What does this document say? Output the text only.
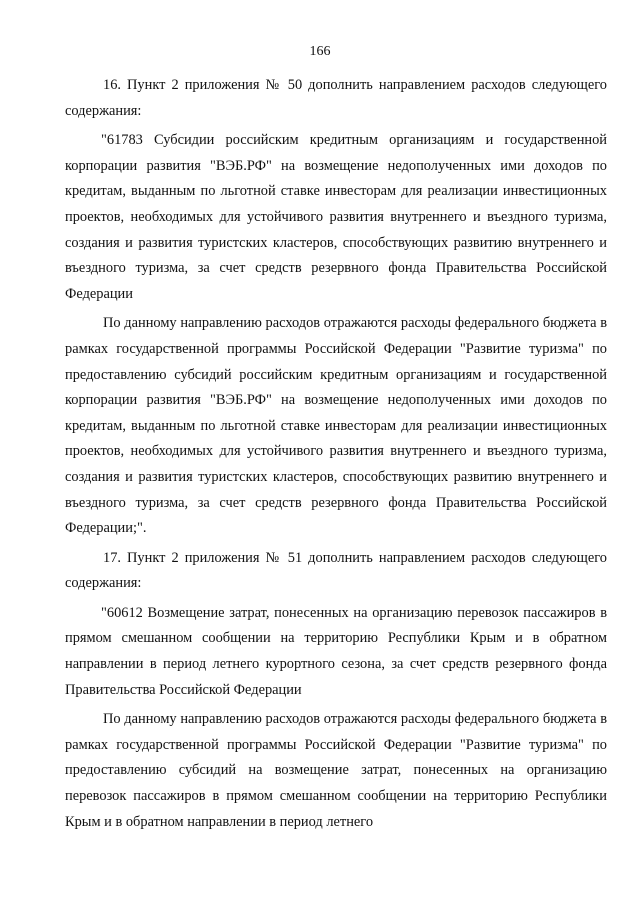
166

16. Пункт 2 приложения № 50 дополнить направлением расходов следующего содержания:

"61783 Субсидии российским кредитным организациям и государственной корпорации развития "ВЭБ.РФ" на возмещение недополученных ими доходов по кредитам, выданным по льготной ставке инвесторам для реализации инвестиционных проектов, необходимых для устойчивого развития внутреннего и въездного туризма, создания и развития туристских кластеров, способствующих развитию внутреннего и въездного туризма, за счет средств резервного фонда Правительства Российской Федерации

По данному направлению расходов отражаются расходы федерального бюджета в рамках государственной программы Российской Федерации "Развитие туризма" по предоставлению субсидий российским кредитным организациям и государственной корпорации развития "ВЭБ.РФ" на возмещение недополученных ими доходов по кредитам, выданным по льготной ставке инвесторам для реализации инвестиционных проектов, необходимых для устойчивого развития внутреннего и въездного туризма, создания и развития туристских кластеров, способствующих развитию внутреннего и въездного туризма, за счет средств резервного фонда Правительства Российской Федерации;".

17. Пункт 2 приложения № 51 дополнить направлением расходов следующего содержания:

"60612 Возмещение затрат, понесенных на организацию перевозок пассажиров в прямом смешанном сообщении на территорию Республики Крым и в обратном направлении в период летнего курортного сезона, за счет средств резервного фонда Правительства Российской Федерации

По данному направлению расходов отражаются расходы федерального бюджета в рамках государственной программы Российской Федерации "Развитие туризма" по предоставлению субсидий на возмещение затрат, понесенных на организацию перевозок пассажиров в прямом смешанном сообщении на территорию Республики Крым и в обратном направлении в период летнего
